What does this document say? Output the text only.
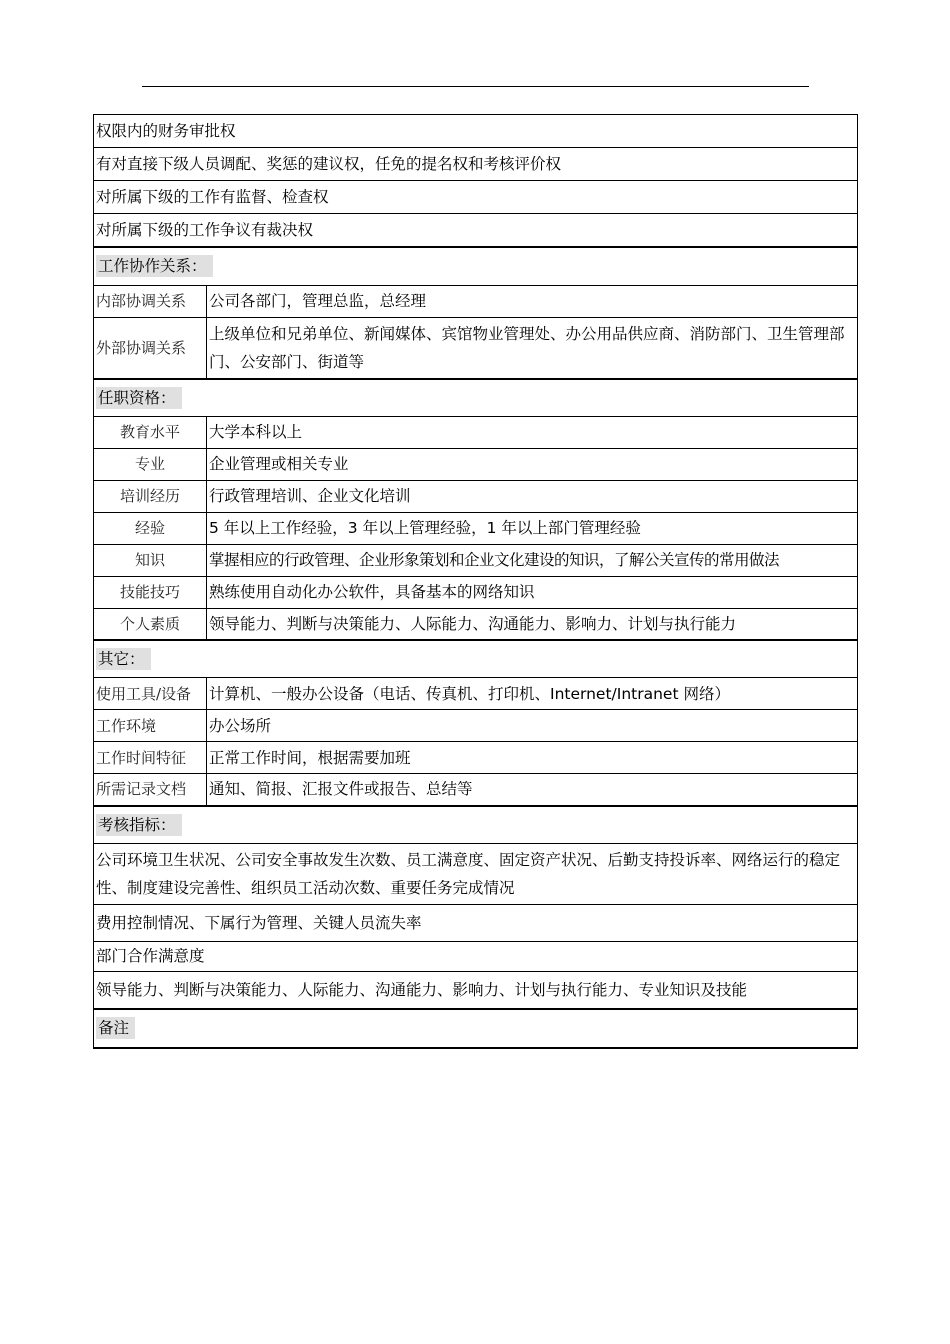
权限内的财务审批权	
有对直接下级人员调配、奖惩的建议权，任免的提名权和考核评价权	
对所属下级的工作有监督、检查权	
对所属下级的工作争议有裁决权	
工作协作关系：	
内部协调关系	公司各部门，管理总监，总经理
外部协调关系	上级单位和兄弟单位、新闻媒体、宾馆物业管理处、办公用品供应商、消防部门、卫生管理部门、公安部门、街道等
任职资格：	
教育水平	大学本科以上
专业	企业管理或相关专业
培训经历	行政管理培训、企业文化培训
经验	5 年以上工作经验，3 年以上管理经验，1 年以上部门管理经验
知识	掌握相应的行政管理、企业形象策划和企业文化建设的知识，了解公关宣传的常用做法
技能技巧	熟练使用自动化办公软件，具备基本的网络知识
个人素质	领导能力、判断与决策能力、人际能力、沟通能力、影响力、计划与执行能力
其它：	
使用工具/设备	计算机、一般办公设备（电话、传真机、打印机、Internet/Intranet 网络）
工作环境	办公场所
工作时间特征	正常工作时间，根据需要加班
所需记录文档	通知、简报、汇报文件或报告、总结等
考核指标：	
公司环境卫生状况、公司安全事故发生次数、员工满意度、固定资产状况、后勤支持投诉率、网络运行的稳定性、制度建设完善性、组织员工活动次数、重要任务完成情况	
费用控制情况、下属行为管理、关键人员流失率	
部门合作满意度	
领导能力、判断与决策能力、人际能力、沟通能力、影响力、计划与执行能力、专业知识及技能	
备注	
